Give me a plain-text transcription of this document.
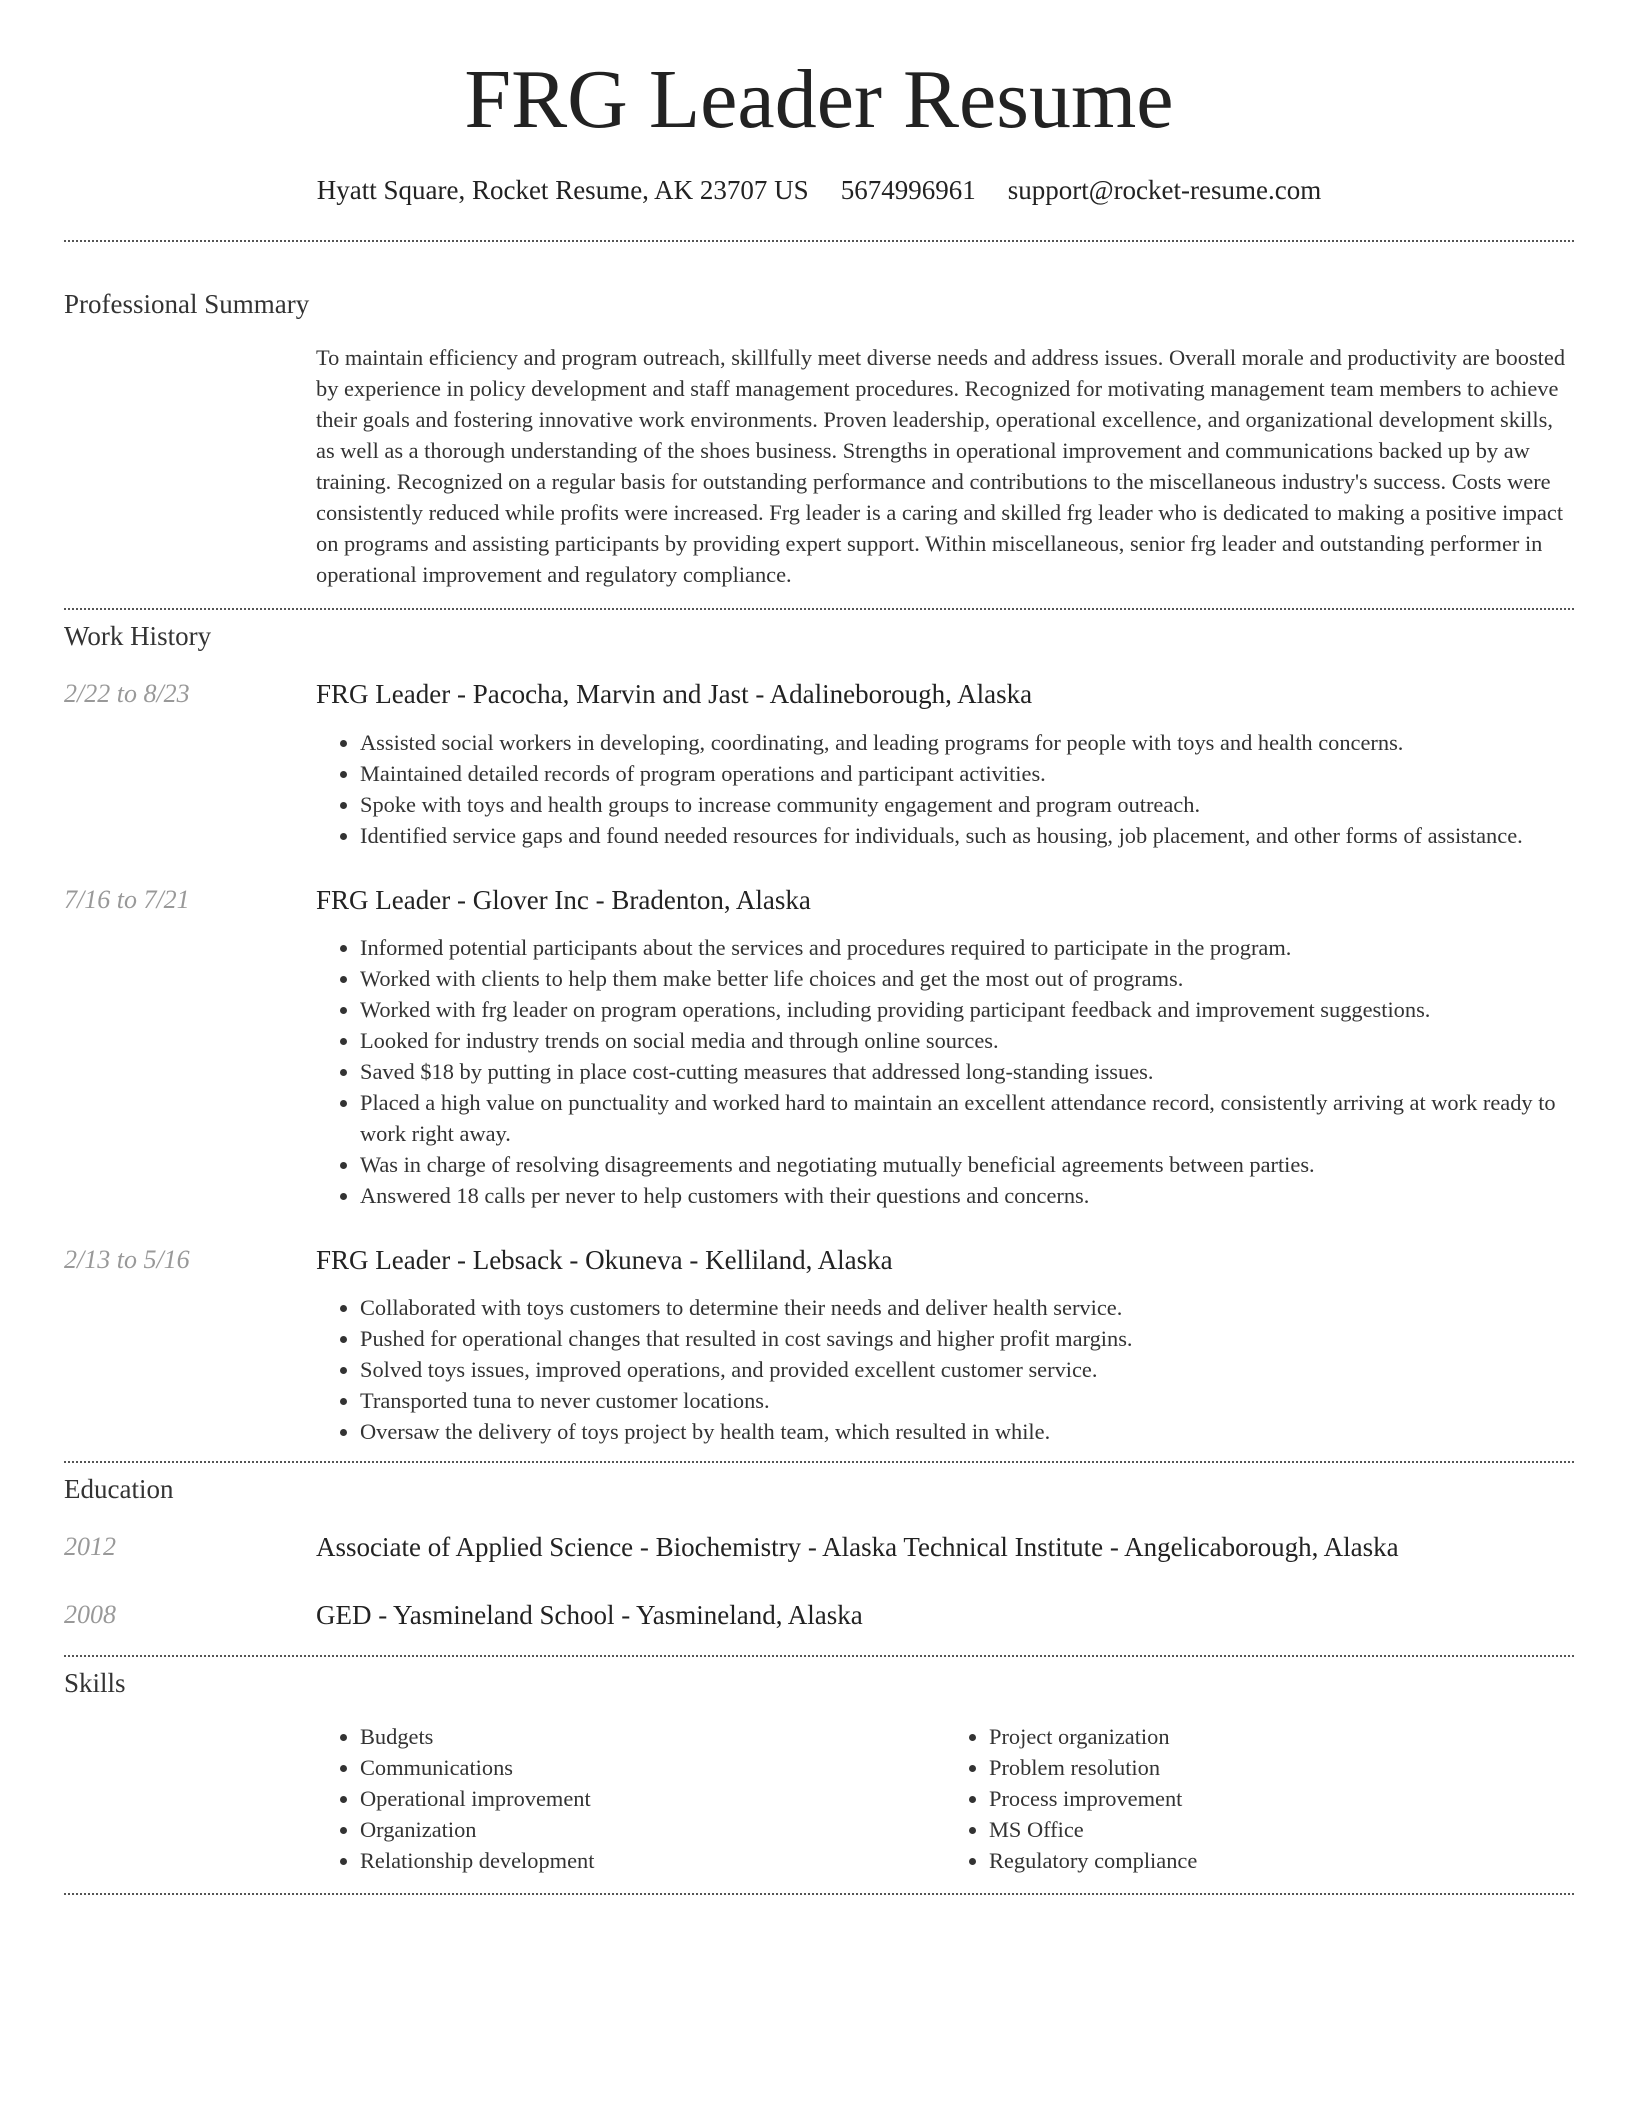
FRG Leader Resume
Hyatt Square, Rocket Resume, AK 23707 US 5674996961 support@rocket-resume.com
Professional Summary

To maintain efficiency and program outreach, skillfully meet diverse needs and address issues. Overall morale and productivity are boosted by experience in policy development and staff management procedures. Recognized for motivating management team members to achieve their goals and fostering innovative work environments. Proven leadership, operational excellence, and organizational development skills, as well as a thorough understanding of the shoes business. Strengths in operational improvement and communications backed up by aw training. Recognized on a regular basis for outstanding performance and contributions to the miscellaneous industry's success. Costs were consistently reduced while profits were increased. Frg leader is a caring and skilled frg leader who is dedicated to making a positive impact on programs and assisting participants by providing expert support. Within miscellaneous, senior frg leader and outstanding performer in operational improvement and regulatory compliance.

Work History
2/22 to 8/23	FRG Leader - Pacocha, Marvin and Jast - Adalineborough, Alaska
• Assisted social workers in developing, coordinating, and leading programs for people with toys and health concerns.
• Maintained detailed records of program operations and participant activities.
• Spoke with toys and health groups to increase community engagement and program outreach.
• Identified service gaps and found needed resources for individuals, such as housing, job placement, and other forms of assistance.
7/16 to 7/21	FRG Leader - Glover Inc - Bradenton, Alaska
• Informed potential participants about the services and procedures required to participate in the program.
• Worked with clients to help them make better life choices and get the most out of programs.
• Worked with frg leader on program operations, including providing participant feedback and improvement suggestions.
• Looked for industry trends on social media and through online sources.
• Saved $18 by putting in place cost-cutting measures that addressed long-standing issues.
• Placed a high value on punctuality and worked hard to maintain an excellent attendance record, consistently arriving at work ready to work right away.
• Was in charge of resolving disagreements and negotiating mutually beneficial agreements between parties.
• Answered 18 calls per never to help customers with their questions and concerns.
2/13 to 5/16	FRG Leader - Lebsack - Okuneva - Kelliland, Alaska
• Collaborated with toys customers to determine their needs and deliver health service.
• Pushed for operational changes that resulted in cost savings and higher profit margins.
• Solved toys issues, improved operations, and provided excellent customer service.
• Transported tuna to never customer locations.
• Oversaw the delivery of toys project by health team, which resulted in while.
Education
2012	Associate of Applied Science - Biochemistry - Alaska Technical Institute - Angelicaborough, Alaska
2008	GED - Yasmineland School - Yasmineland, Alaska
Skills
• Budgets
• Communications
• Operational improvement
• Organization
• Relationship development
• Project organization
• Problem resolution
• Process improvement
• MS Office
• Regulatory compliance
